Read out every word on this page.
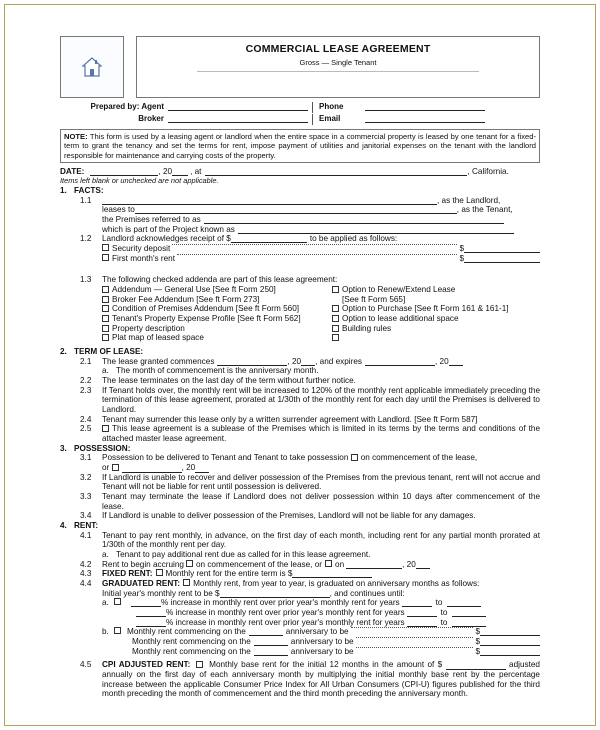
COMMERCIAL LEASE AGREEMENT
Gross — Single Tenant
Prepared by: Agent	Phone
Broker	Email
NOTE: This form is used by a leasing agent or landlord when the entire space in a commercial property is leased by one tenant for a fixed-term to grant the tenancy and set the terms for rent, impose payment of utilities and janitorial expenses on the tenant with the landlord responsible for maintenance and carrying costs of the property.
DATE:	, 20 , at	, California.
Items left blank or unchecked are not applicable.
1. FACTS:
1.1	, as the Landlord,
leases to	, as the Tenant,
the Premises referred to as
which is part of the Project known as
1.2	Landlord acknowledges receipt of $	to be applied as follows:
Security deposit	$
First month's rent	$
1.3	The following checked addenda are part of this lease agreement:
Addendum — General Use [See ft Form 250]
Broker Fee Addendum [See ft Form 273]
Condition of Premises Addendum [See ft Form 560]
Tenant's Property Expense Profile [See ft Form 562]
Property description
Plat map of leased space
Option to Renew/Extend Lease
[See ft Form 565]
Option to Purchase [See ft Form 161 & 161-1]
Option to lease additional space
Building rules
2. TERM OF LEASE:
2.1	The lease granted commences	, 20 , and expires	, 20
a. The month of commencement is the anniversary month.
2.2	The lease terminates on the last day of the term without further notice.
2.3	If Tenant holds over, the monthly rent will be increased to 120% of the monthly rent applicable immediately preceding the termination of this lease agreement, prorated at 1/30th of the monthly rent for each day until the Premises is delivered to Landlord.
2.4	Tenant may surrender this lease only by a written surrender agreement with Landlord. [See ft Form 587]
2.5	This lease agreement is a sublease of the Premises which is limited in its terms by the terms and conditions of the attached master lease agreement.
3. POSSESSION:
3.1	Possession to be delivered to Tenant and Tenant to take possession on commencement of the lease,
or	, 20
3.2	If Landlord is unable to recover and deliver possession of the Premises from the previous tenant, rent will not accrue and Tenant will not be liable for rent until possession is delivered.
3.3	Tenant may terminate the lease if Landlord does not deliver possession within 10 days after commencement of the lease.
3.4	If Landlord is unable to deliver possession of the Premises, Landlord will not be liable for any damages.
4. RENT:
4.1	Tenant to pay rent monthly, in advance, on the first day of each month, including rent for any partial month prorated at 1/30th of the monthly rent per day.
a. Tenant to pay additional rent due as called for in this lease agreement.
4.2	Rent to begin accruing on commencement of the lease, or on	, 20
4.3	FIXED RENT: Monthly rent for the entire term is $
4.4	GRADUATED RENT: Monthly rent, from year to year, is graduated on anniversary months as follows:
Initial year's monthly rent to be $	, and continues until:
a.	% increase in monthly rent over prior year's monthly rent for years	to
% increase in monthly rent over prior year's monthly rent for years	to
% increase in monthly rent over prior year's monthly rent for years	to
b.	Monthly rent commencing on the	anniversary to be	$
Monthly rent commencing on the	anniversary to be	$
Monthly rent commencing on the	anniversary to be	$
4.5	CPI ADJUSTED RENT: Monthly base rent for the initial 12 months in the amount of $	adjusted annually on the first day of each anniversary month by multiplying the initial monthly base rent by the percentage increase between the applicable Consumer Price Index for All Urban Consumers (CPI-U) figures published for the third month preceding the month of commencement and the third month preceding the anniversary month.
